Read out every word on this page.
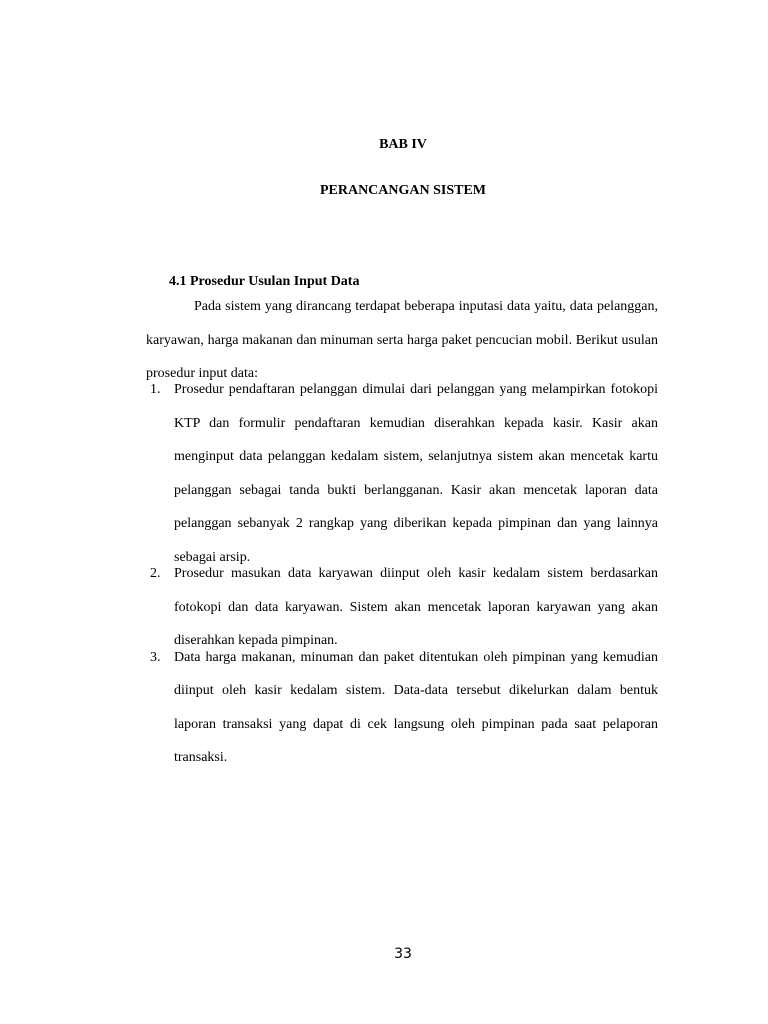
BAB IV
PERANCANGAN SISTEM
4.1 Prosedur Usulan Input Data

Pada sistem yang dirancang terdapat beberapa inputasi data yaitu, data pelanggan, karyawan, harga makanan dan minuman serta harga paket pencucian mobil. Berikut usulan prosedur input data:

1. Prosedur pendaftaran pelanggan dimulai dari pelanggan yang melampirkan fotokopi KTP dan formulir pendaftaran kemudian diserahkan kepada kasir. Kasir akan menginput data pelanggan kedalam sistem, selanjutnya sistem akan mencetak kartu pelanggan sebagai tanda bukti berlangganan. Kasir akan mencetak laporan data pelanggan sebanyak 2 rangkap yang diberikan kepada pimpinan dan yang lainnya sebagai arsip.
2. Prosedur masukan data karyawan diinput oleh kasir kedalam sistem berdasarkan fotokopi dan data karyawan. Sistem akan mencetak laporan karyawan yang akan diserahkan kepada pimpinan.
3. Data harga makanan, minuman dan paket ditentukan oleh pimpinan yang kemudian diinput oleh kasir kedalam sistem. Data-data tersebut dikelurkan dalam bentuk laporan transaksi yang dapat di cek langsung oleh pimpinan pada saat pelaporan transaksi.
33
